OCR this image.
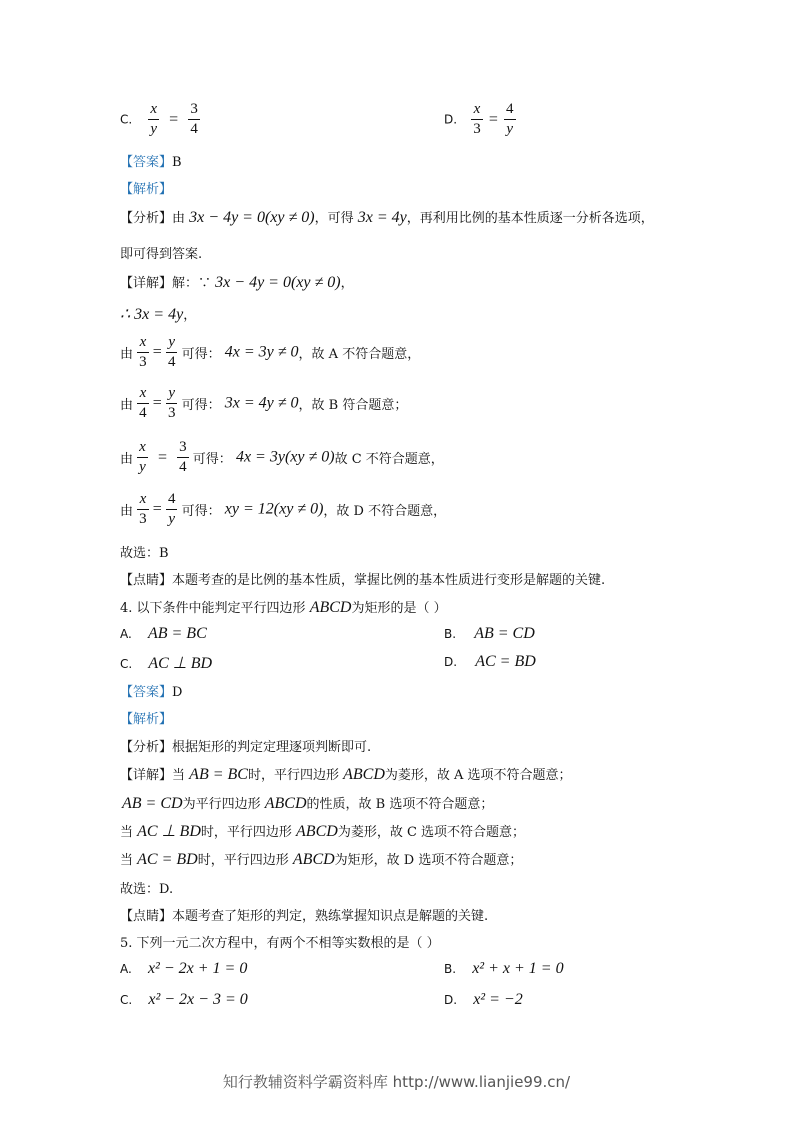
C. $\frac{x}{y} = \frac{3}{4}$	D. $\frac{x}{3} = \frac{4}{y}$
【答案】B
【解析】
【分析】由 3x − 4y = 0(xy ≠ 0)，可得 3x = 4y，再利用比例的基本性质逐一分析各选项，
即可得到答案.
【详解】解：∵ 3x − 4y = 0(xy ≠ 0)，
∴ 3x = 4y，
由 $\frac{x}{3} = \frac{y}{4}$ 可得： 4x = 3y ≠ 0，故 A 不符合题意，
由 $\frac{x}{4} = \frac{y}{3}$ 可得： 3x = 4y ≠ 0，故 B 符合题意；
由 $\frac{x}{y} = \frac{3}{4}$ 可得： 4x = 3y(xy ≠ 0)故 C 不符合题意，
由 $\frac{x}{3} = \frac{4}{y}$ 可得： xy = 12(xy ≠ 0)，故 D 不符合题意，
故选：B
【点睛】本题考查的是比例的基本性质，掌握比例的基本性质进行变形是解题的关键.
4. 以下条件中能判定平行四边形 ABCD为矩形的是（ ）
A. AB = BC	B. AB = CD
C. AC ⊥ BD	D. AC = BD
【答案】D
【解析】
【分析】根据矩形的判定定理逐项判断即可.
【详解】当 AB = BC时，平行四边形 ABCD为菱形，故 A 选项不符合题意；
AB = CD为平行四边形 ABCD的性质，故 B 选项不符合题意；
当 AC ⊥ BD时，平行四边形 ABCD为菱形，故 C 选项不符合题意；
当 AC = BD时，平行四边形 ABCD为矩形，故 D 选项不符合题意；
故选：D.
【点睛】本题考查了矩形的判定，熟练掌握知识点是解题的关键.
5. 下列一元二次方程中，有两个不相等实数根的是（ ）
A. x² − 2x + 1 = 0	B. x² + x + 1 = 0
C. x² − 2x − 3 = 0	D. x² = −2
知行教辅资料学霸资料库 http://www.lianjie99.cn/
